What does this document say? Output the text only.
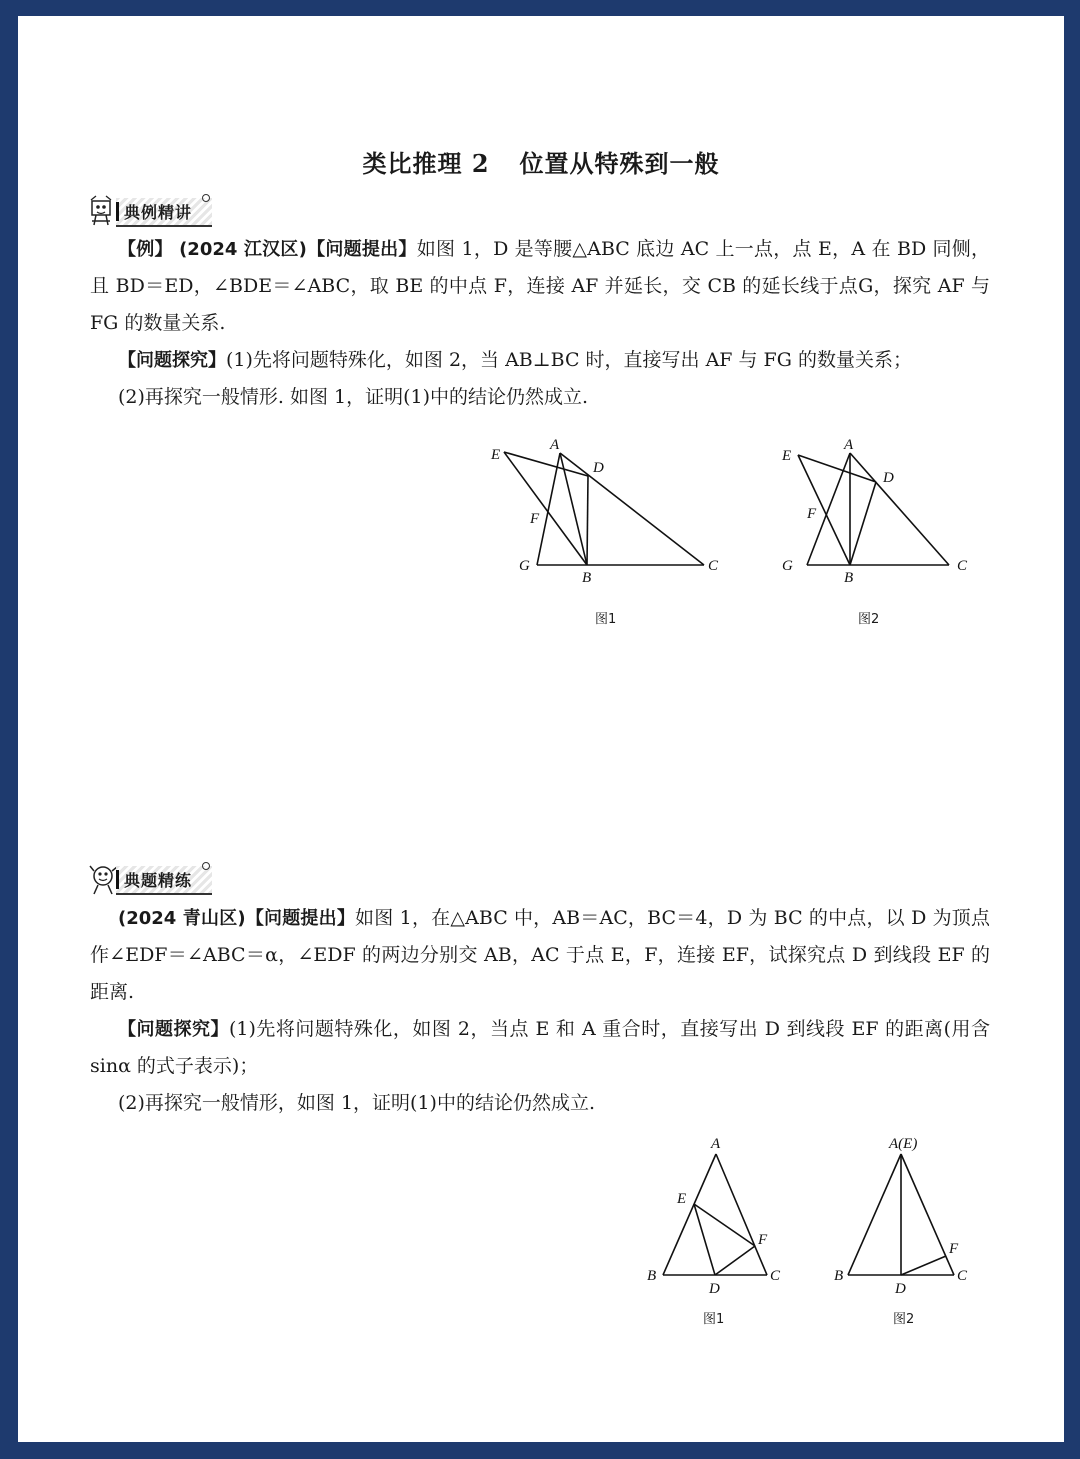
类比推理 2 位置从特殊到一般
典例精讲

【例】 (2024 江汉区)【问题提出】如图 1，D 是等腰△ABC 底边 AC 上一点，点 E，A 在 BD 同侧，且 BD＝ED，∠BDE＝∠ABC，取 BE 的中点 F，连接 AF 并延长，交 CB 的延长线于点G，探究 AF 与 FG 的数量关系.

【问题探究】(1)先将问题特殊化，如图 2，当 AB⊥BC 时，直接写出 AF 与 FG 的数量关系；

(2)再探究一般情形. 如图 1，证明(1)中的结论仍然成立.

A
E
D
F
G
B
C
图1
A
E
D
F
G
B
C
图2
典题精练

(2024 青山区)【问题提出】如图 1，在△ABC 中，AB＝AC，BC＝4，D 为 BC 的中点，以 D 为顶点作∠EDF＝∠ABC＝α，∠EDF 的两边分别交 AB，AC 于点 E，F，连接 EF，试探究点 D 到线段 EF 的距离.

【问题探究】(1)先将问题特殊化，如图 2，当点 E 和 A 重合时，直接写出 D 到线段 EF 的距离(用含 sinα 的式子表示)；

(2)再探究一般情形，如图 1，证明(1)中的结论仍然成立.

A
E
F
B
D
C
图1
A(E)
F
B
D
C
图2
